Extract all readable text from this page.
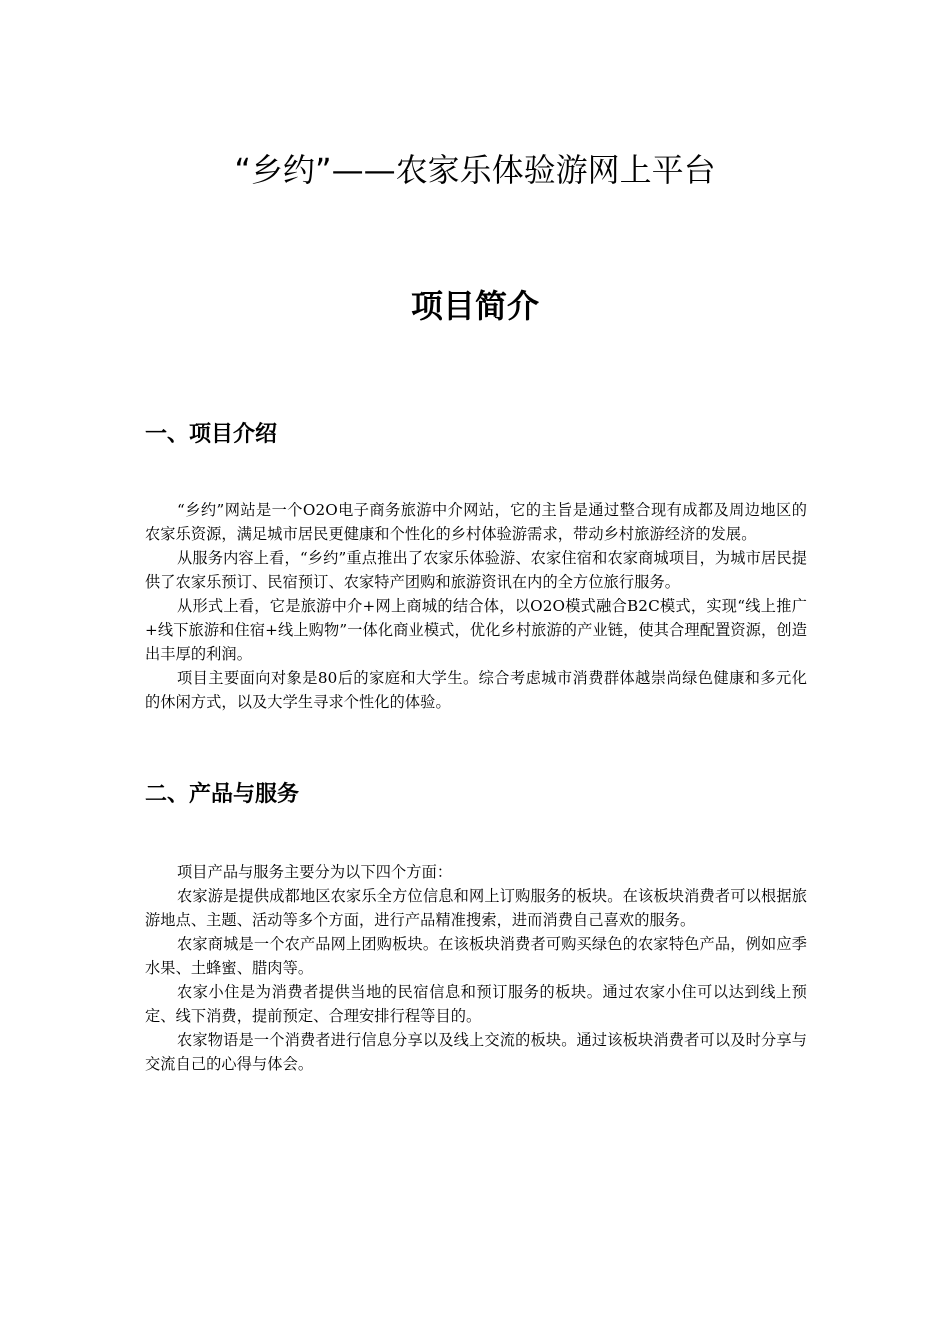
“乡约”——农家乐体验游网上平台
项目简介
一、项目介绍

“乡约”网站是一个O2O电子商务旅游中介网站，它的主旨是通过整合现有成都及周边地区的农家乐资源，满足城市居民更健康和个性化的乡村体验游需求，带动乡村旅游经济的发展。

从服务内容上看，“乡约”重点推出了农家乐体验游、农家住宿和农家商城项目，为城市居民提供了农家乐预订、民宿预订、农家特产团购和旅游资讯在内的全方位旅行服务。

从形式上看，它是旅游中介+网上商城的结合体，以O2O模式融合B2C模式，实现“线上推广+线下旅游和住宿+线上购物”一体化商业模式，优化乡村旅游的产业链，使其合理配置资源，创造出丰厚的利润。

项目主要面向对象是80后的家庭和大学生。综合考虑城市消费群体越崇尚绿色健康和多元化的休闲方式，以及大学生寻求个性化的体验。

二、产品与服务

项目产品与服务主要分为以下四个方面：

农家游是提供成都地区农家乐全方位信息和网上订购服务的板块。在该板块消费者可以根据旅游地点、主题、活动等多个方面，进行产品精准搜索，进而消费自己喜欢的服务。

农家商城是一个农产品网上团购板块。在该板块消费者可购买绿色的农家特色产品，例如应季水果、土蜂蜜、腊肉等。

农家小住是为消费者提供当地的民宿信息和预订服务的板块。通过农家小住可以达到线上预定、线下消费，提前预定、合理安排行程等目的。

农家物语是一个消费者进行信息分享以及线上交流的板块。通过该板块消费者可以及时分享与交流自己的心得与体会。
